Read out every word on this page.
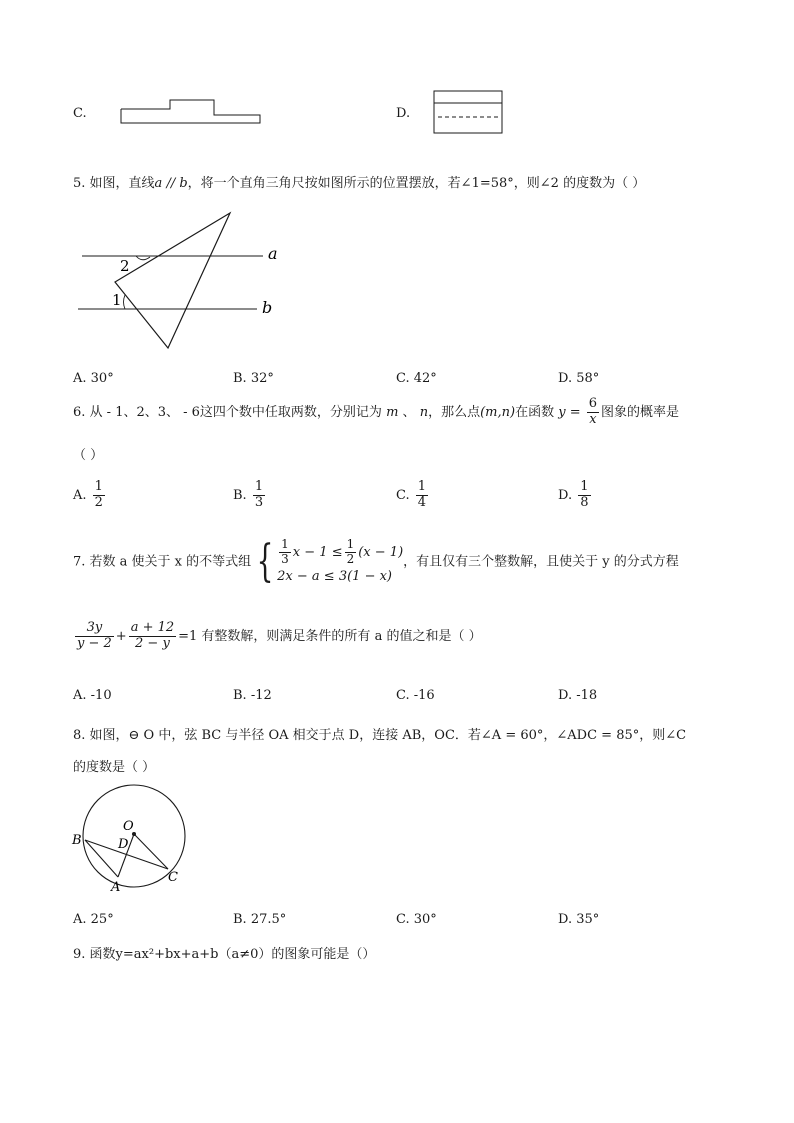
C.	D.
5. 如图，直线a // b，将一个直角三角尺按如图所示的位置摆放，若∠1=58°，则∠2 的度数为（ ）
a
b
2
1
A. 30°	B. 32°	C. 42°	D. 58°
6. 从 - 1、2、3、 - 6这四个数中任取两数，分别记为 m 、 n，那么点(m,n)在函数 $y = \frac{6}{x}$ 图象的概率是
（ ）
A. $\frac{1}{2}$	B. $\frac{1}{3}$	C. $\frac{1}{4}$	D. $\frac{1}{8}$
7. 若数 a 使关于 x 的不等式组 { $\frac{1}{3}$ $x - 1 \le \frac{1}{2} (x - 1)$
2x − a ≤ 3(1 − x)
，有且仅有三个整数解，且使关于 y 的分式方程
$\frac{3y}{y - 2} + \frac{a + 12}{2 - y} =1$ 有整数解，则满足条件的所有 a 的值之和是（ ）
A. -10	B. -12	C. -16	D. -18
8. 如图，⊖ O 中，弦 BC 与半径 OA 相交于点 D，连接 AB，OC．若∠A = 60°，∠ADC = 85°，则∠C
的度数是（ ）
O
B	D
A
C
A. 25°	B. 27.5°	C. 30°	D. 35°
9. 函数y=ax²+bx+a+b（a≠0）的图象可能是（）
